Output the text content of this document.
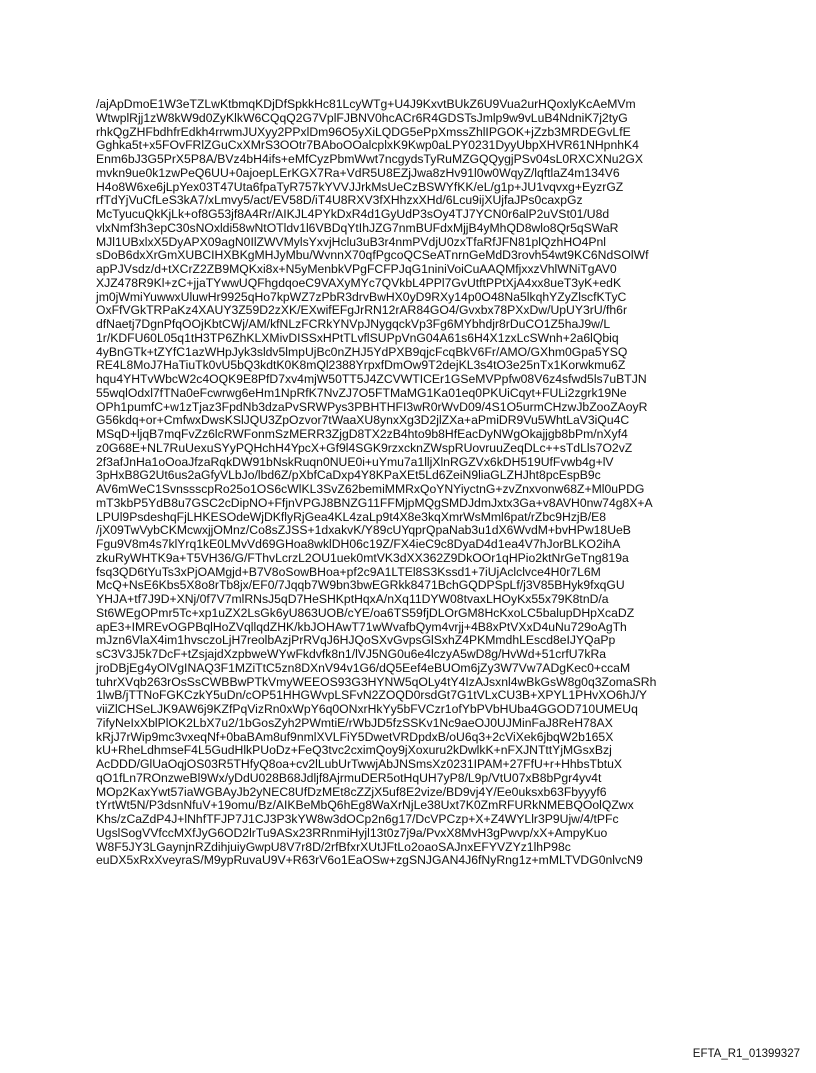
/ajApDmoE1W3eTZLwKtbmqKDjDfSpkkHc81LcyWTg+U4J9KxvtBUkZ6U9Vua2urHQoxlyKcAeMVm
WtwplRjj1zW8kW9d0ZyKlkW6CQqQ2G7VplFJBNV0hcACr6R4GDSTsJmlp9w9vLuB4NdniK7j2tyG
rhkQgZHFbdhfrEdkh4rrwmJUXyy2PPxlDm96O5yXiLQDG5ePpXmssZhlIPGOK+jZzb3MRDEGvLfE
Gghka5t+x5FOvFRlZGuCxXMrS3OOtr7BAboOOalcplxK9Kwp0aLPY0231DyyUbpXHVR61NHpnhK4
Enm6bJ3G5PrX5P8A/BVz4bH4ifs+eMfCyzPbmWwt7ncgydsTyRuMZGQQygjPSv04sL0RXCXNu2GX
mvkn9ue0k1zwPeQ6UU+0ajoepLErKGX7Ra+VdR5U8EZjJwa8zHv91l0w0WqyZ/lqftlaZ4m134V6
H4o8W6xe6jLpYex03T47Uta6fpaTyR757kYVVJJrkMsUeCzBSWYfKK/eL/g1p+JU1vqvxg+EyzrGZ
rfTdYjVuCfLeS3kA7/xLmvy5/act/EV58D/iT4U8RXV3fXHhzxXHd/6Lcu9ijXUjfaJPs0caxpGz
McTyucuQkKjLk+of8G53jf8A4Rr/AIKJL4PYkDxR4d1GyUdP3sOy4TJ7YCN0r6alP2uVSt01/U8d
vlxNmf3h3epC30sNOxldi58wNtOTldv1l6VBDqYtIhJZG7nmBUFdxMjjB4yMhQD8wlo8Qr5qSWaR
MJl1UBxlxX5DyAPX09agN0IlZWVMylsYxvjHclu3uB3r4nmPVdjU0zxTfaRfJFN81plQzhHO4Pnl
sDoB6dxXrGmXUBCIHXBKgMHJyMbu/WvnnX70qfPgcoQCSeATnrnGeMdD3rovh54wt9KC6NdSOlWf
apPJVsdz/d+tXCrZ2ZB9MQKxi8x+N5yMenbkVPgFCFPJqG1niniVoiCuAAQMfjxxzVhlWNiTgAV0
XJZ478R9Kl+zC+jjaTYwwUQFhgdqoeC9VAXyMYc7QVkbL4PPl7GvUtftPPtXjA4xx8ueT3yK+edK
jm0jWmiYuwwxUluwHr9925qHo7kpWZ7zPbR3drvBwHX0yD9RXy14p0O48Na5lkqhYZyZlscfKTyC
OxFfVGkTRPaKz4XAUY3Z59D2zXK/EXwifEFgJrRN12rAR84GO4/Gvxbx78PXxDw/UpUY3rU/fh6r
dfNaetj7DgnPfqOOjKbtCWj/AM/kfNLzFCRkYNVpJNygqckVp3Fg6MYbhdjr8rDuCO1Z5haJ9w/L
1r/KDFU60L05q1tH3TP6ZhKLXMivDISSxHPtTLvflSUPpVnG04A61s6H4X1zxLcSWnh+2a6lQbiq
4yBnGTk+tZYfC1azWHpJyk3sldv5lmpUjBc0nZHJ5YdPXB9qjcFcqBkV6Fr/AMO/GXhm0Gpa5YSQ
RE4L8MoJ7HaTiuTk0vU5bQ3kdtK0K8mQl2388YrpxfDmOw9T2dejKL3s4tO3e25nTx1Korwkmu6Z
hqu4YHTvWbcW2c4OQK9E8PfD7xv4mjW50TT5J4ZCVWTICEr1GSeMVPpfw08V6z4sfwd5ls7uBTJN
55wqlOdxl7fTNa0eFcwrwg6eHm1NpRfK7NvZJ7O5FTMaMG1Ka01eq0PKUiCqyt+FULi2zgrk19Ne
OPh1pumfC+w1zTjaz3FpdNb3dzaPvSRWPys3PBHTHFI3wR0rWvD09/4S1O5urmCHzwJbZooZAoyR
G56kdq+or+CmfwxDwsKSlJQU3ZpOzvor7tWaaXU8ynxXg3D2jlZXa+aPmiDR9Vu5WhtLaV3iQu4C
MSqD+ljqB7mqFvZz6lcRWFonmSzMERR3ZjgD8TX2zB4hto9b8HfEacDyNWgOkajjgb8bPm/nXyf4
z0G68E+NL7RuUexuSYyPQHchH4YpcX+Gf9l4SGK9rzxcknZWspRUovruuZeqDLc++sTdLls7O2vZ
2f3afJnHa1oOoaJfzaRqkDW91bNskRuqn0NUE0i+uYmu7a1lljXlnRGZVx6kDH519UfFvwb4g+lV
3pHxB8G2Ut6us2aGfyVLbJo/lbd6Z/pXbfCaDxp4Y8KPaXEt5Ld6ZeiN9liaGLZHJht8pcEspB9c
AV6mWeC1SvnssscpRo25o1OS6cWlKL3SvZ62bemiMMRxQoYNYiyctnG+zvZnxvonw68Z+Ml0uPDG
mT3kbP5YdB8u7GSC2cDipNO+FfjnVPGJ8BNZG11FFMjpMQgSMDJdmJxtx3Ga+v8AVH0nw74g8X+A
LPUl9PsdeshqFjLHKESOdeWjDKflyRjGea4KL4zaLp9t4X8e3kqXmrWsMml6pat/rZbc9HzjB/E8
/jX09TwVybCKMcwxjjOMnz/Co8sZJSS+1dxakvK/Y89cUYqprQpaNab3u1dX6WvdM+bvHPw18UeB
Fgu9V8m4s7klYrq1kE0LMvVd69GHoa8wklDH06c19Z/FX4ieC9c8DyaD4d1ea4V7hJorBLKO2ihA
zkuRyWHTK9a+T5VH36/G/FThvLcrzL2OU1uek0mtVK3dXX362Z9DkOOr1qHPio2ktNrGeTng819a
fsq3QD6tYuTs3xPjOAMgjd+B7V8oSowBHoa+pf2c9A1LTEl8S3Kssd1+7iUjAclclvce4H0r7L6M
McQ+NsE6Kbs5X8o8rTb8jx/EF0/7Jqqb7W9bn3bwEGRkk8471BchGQDPSpLf/j3V85BHyk9fxqGU
YHJA+tf7J9D+XNj/0f7V7mlRNsJ5qD7HeSHKptHqxA/nXq11DYW08tvaxLHOyKx55x79K8tnD/a
St6WEgOPmr5Tc+xp1uZX2LsGk6yU863UOB/cYE/oa6TS59fjDLOrGM8HcKxoLC5balupDHpXcaDZ
apE3+IMREvOGPBqlHoZVqllqdZHK/kbJOHAwT71wWvafbQym4vrjj+4B8xPtVXxD4uNu729oAgTh
mJzn6VlaX4im1hvsczoLjH7reolbAzjPrRVqJ6HJQoSXvGvpsGlSxhZ4PKMmdhLEscd8eIJYQaPp
sC3V3J5k7DcF+tZsjajdXzpbweWYwFkdvfk8n1/lVJ5NG0u6e4lczyA5wD8g/HvWd+51crfU7kRa
jroDBjEg4yOlVgINAQ3F1MZiTtC5zn8DXnV94v1G6/dQ5Eef4eBUOm6jZy3W7Vw7ADgKec0+ccaM
tuhrXVqb263rOsSsCWBBwPTkVmyWEEOS93G3HYNW5qOLy4tY4IzAJsxnl4wBkGsW8g0q3ZomaSRh
1lwB/jTTNoFGKCzkY5uDn/cOP51HHGWvpLSFvN2ZOQD0rsdGt7G1tVLxCU3B+XPYL1PHvXO6hJ/Y
viiZlCHSeLJK9AW6j9KZfPqVizRn0xWpY6q0ONxrHkYy5bFVCzr1ofYbPVbHUba4GGOD710UMEUq
7ifyNeIxXblPlOK2LbX7u2/1bGosZyh2PWmtiE/rWbJD5fzSSKv1Nc9aeOJ0UJMinFaJ8ReH78AX
kRjJ7rWip9mc3vxeqNf+0baBAm8uf9nmlXVLFiY5DwetVRDpdxB/oU6q3+2cViXek6jbqW2b165X
kU+RheLdhmseF4L5GudHlkPUoDz+FeQ3tvc2cximQoy9jXoxuru2kDwlkK+nFXJNTttYjMGsxBzj
AcDDD/GlUaOqjOS03R5THfyQ8oa+cv2lLubUrTwwjAbJNSmsXz0231IPAM+27FfU+r+HhbsTbtuX
qO1fLn7ROnzweBl9Wx/yDdU028B68Jdljf8AjrmuDER5otHqUH7yP8/L9p/VtU07xB8bPgr4yv4t
MOp2KaxYwt57iaWGBAyJb2yNEC8UfDzMEt8cZZjX5uf8E2vize/BD9vj4Y/Ee0uksxb63Fbyyyf6
tYrtWt5N/P3dsnNfuV+19omu/Bz/AIKBeMbQ6hEg8WaXrNjLe38Uxt7K0ZmRFURkNMEBQOolQZwx
Khs/zCaZdP4J+lNhfTFJP7J1CJ3P3kYW8w3dOCp2n6g17/DcVPCzp+X+Z4WYLlr3P9Ujw/4/tPFc
UgslSogVVfccMXfJyG6OD2lrTu9ASx23RRnmiHyjl13t0z7j9a/PvxX8MvH3gPwvp/xX+AmpyKuo
W8F5JY3LGaynjnRZdihjuiyGwpU8V7r8D/2rfBfxrXUtJFtLo2oaoSAJnxEFYVZYz1lhP98c
euDX5xRxXveyraS/M9ypRuvaU9V+R63rV6o1EaOSw+zgSNJGAN4J6fNyRng1z+mMLTVDG0nlvcN9
EFTA_R1_01399327
